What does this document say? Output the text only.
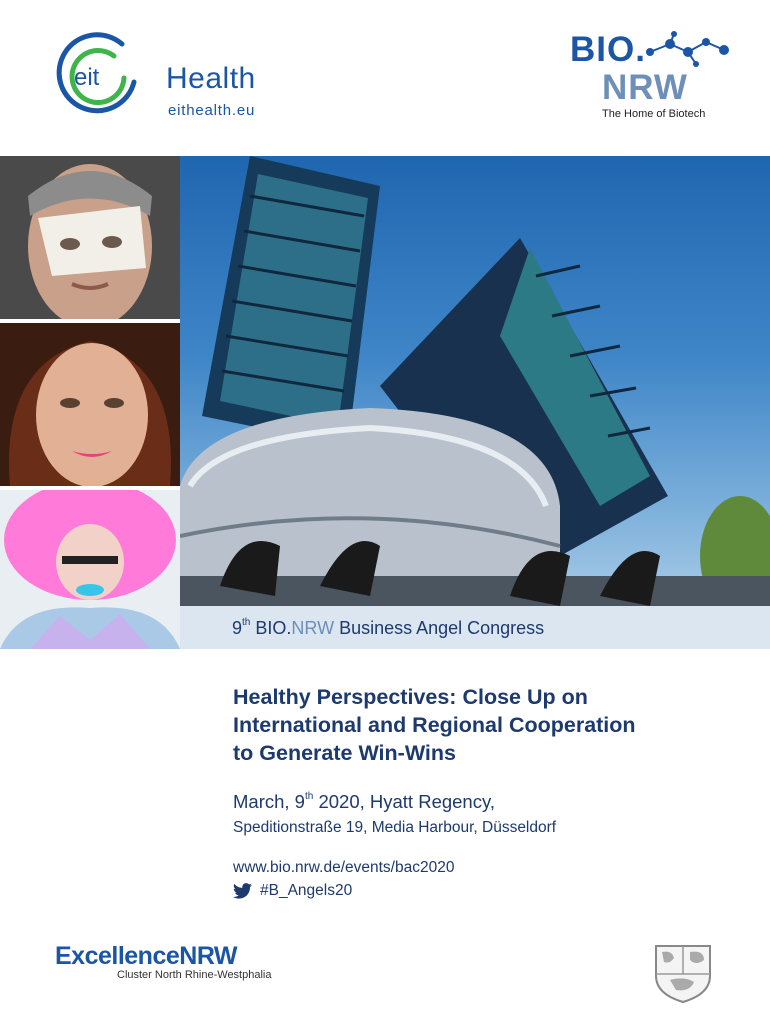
eit Health
eithealth.eu
BIO.
NRW
The Home of Biotech
9th BIO.NRW Business Angel Congress
Healthy Perspectives: Close Up on
International and Regional Cooperation
to Generate Win-Wins
March, 9th 2020, Hyatt Regency,
Speditionstraße 19, Media Harbour, Düsseldorf
www.bio.nrw.de/events/bac2020
#B_Angels20
ExcellenceNRW
Cluster North Rhine-Westphalia
